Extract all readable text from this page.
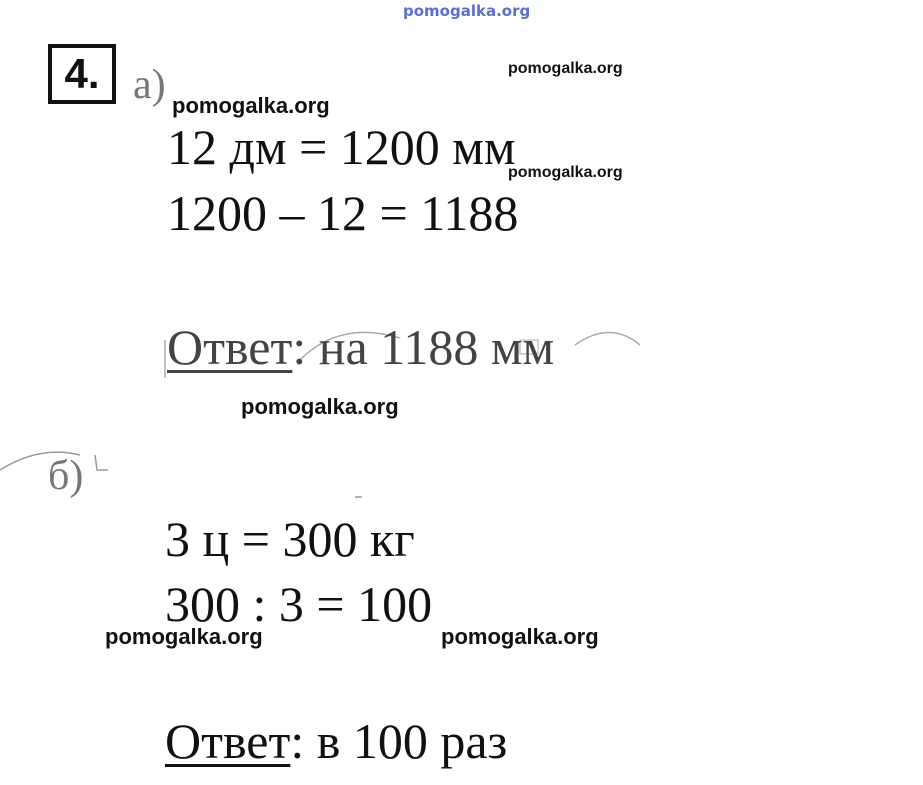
pomogalka.org
4. а)	pomogalka.org
pomogalka.org
12 дм = 1200 мм
pomogalka.org
1200 – 12 = 1188
Ответ: на 1188 мм
pomogalka.org
б)
3 ц = 300 кг
300 : 3 = 100
pomogalka.org	pomogalka.org
Ответ: в 100 раз
